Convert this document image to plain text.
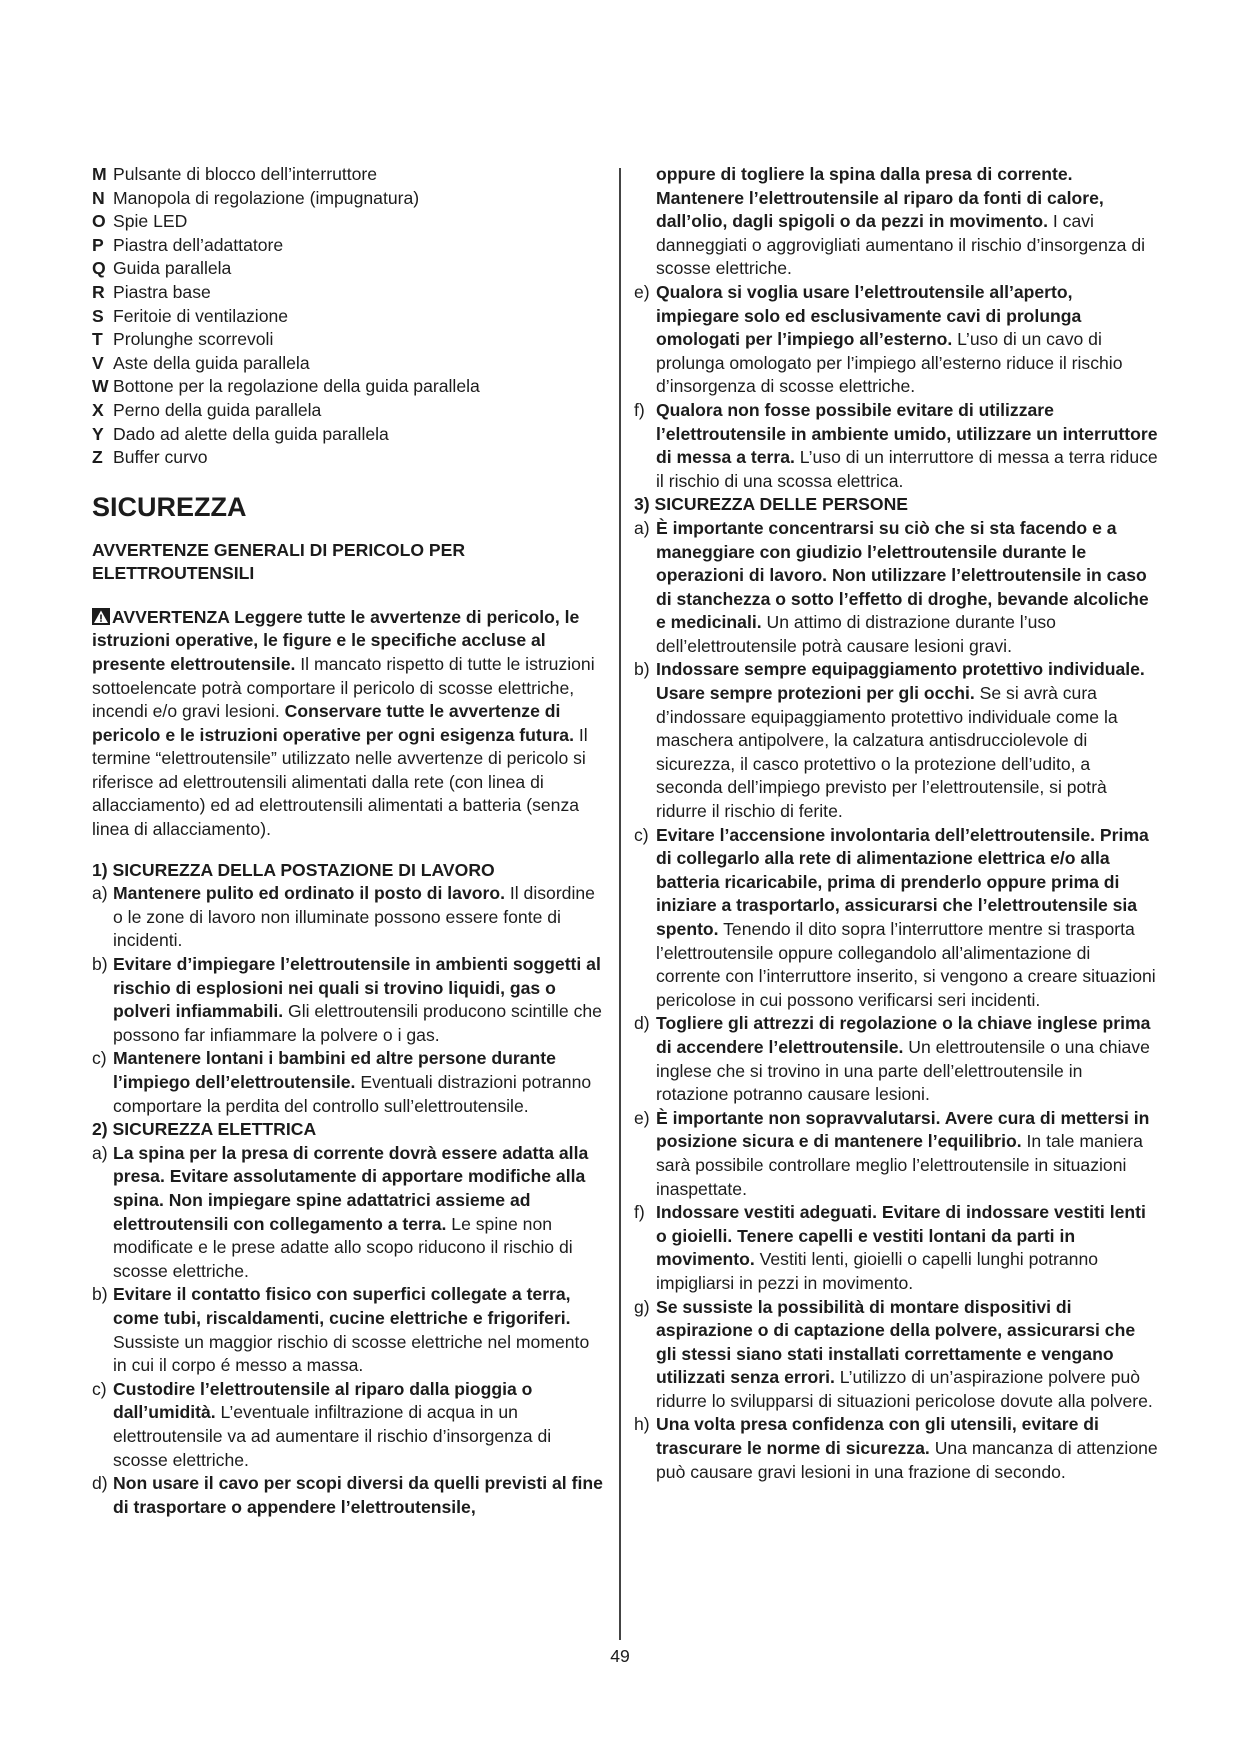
M Pulsante di blocco dell’interruttore
N Manopola di regolazione (impugnatura)
O Spie LED
P Piastra dell’adattatore
Q Guida parallela
R Piastra base
S Feritoie di ventilazione
T Prolunghe scorrevoli
V Aste della guida parallela
W Bottone per la regolazione della guida parallela
X Perno della guida parallela
Y Dado ad alette della guida parallela
Z Buffer curvo
SICUREZZA
AVVERTENZE GENERALI DI PERICOLO PER ELETTROUTENSILI
AVVERTENZA Leggere tutte le avvertenze di pericolo, le istruzioni operative, le figure e le specifiche accluse al presente elettroutensile. Il mancato rispetto di tutte le istruzioni sottoelencate potrà comportare il pericolo di scosse elettriche, incendi e/o gravi lesioni. Conservare tutte le avvertenze di pericolo e le istruzioni operative per ogni esigenza futura. Il termine “elettroutensile” utilizzato nelle avvertenze di pericolo si riferisce ad elettroutensili alimentati dalla rete (con linea di allacciamento) ed ad elettroutensili alimentati a batteria (senza linea di allacciamento).
1) SICUREZZA DELLA POSTAZIONE DI LAVORO
a) Mantenere pulito ed ordinato il posto di lavoro. Il disordine o le zone di lavoro non illuminate possono essere fonte di incidenti.
b) Evitare d’impiegare l’elettroutensile in ambienti soggetti al rischio di esplosioni nei quali si trovino liquidi, gas o polveri infiammabili. Gli elettroutensili producono scintille che possono far infiammare la polvere o i gas.
c) Mantenere lontani i bambini ed altre persone durante l’impiego dell’elettroutensile. Eventuali distrazioni potranno comportare la perdita del controllo sull’elettroutensile.
2) SICUREZZA ELETTRICA
a) La spina per la presa di corrente dovrà essere adatta alla presa. Evitare assolutamente di apportare modifiche alla spina. Non impiegare spine adattatrici assieme ad elettroutensili con collegamento a terra. Le spine non modificate e le prese adatte allo scopo riducono il rischio di scosse elettriche.
b) Evitare il contatto fisico con superfici collegate a terra, come tubi, riscaldamenti, cucine elettriche e frigoriferi. Sussiste un maggior rischio di scosse elettriche nel momento in cui il corpo é messo a massa.
c) Custodire l’elettroutensile al riparo dalla pioggia o dall’umidità. L’eventuale infiltrazione di acqua in un elettroutensile va ad aumentare il rischio d’insorgenza di scosse elettriche.
d) Non usare il cavo per scopi diversi da quelli previsti al fine di trasportare o appendere l’elettroutensile,
oppure di togliere la spina dalla presa di corrente. Mantenere l’elettroutensile al riparo da fonti di calore, dall’olio, dagli spigoli o da pezzi in movimento. I cavi danneggiati o aggrovigliati aumentano il rischio d’insorgenza di scosse elettriche.
e) Qualora si voglia usare l’elettroutensile all’aperto, impiegare solo ed esclusivamente cavi di prolunga omologati per l’impiego all’esterno. L’uso di un cavo di prolunga omologato per l’impiego all’esterno riduce il rischio d’insorgenza di scosse elettriche.
f) Qualora non fosse possibile evitare di utilizzare l’elettroutensile in ambiente umido, utilizzare un interruttore di messa a terra. L’uso di un interruttore di messa a terra riduce il rischio di una scossa elettrica.
3) SICUREZZA DELLE PERSONE
a) È importante concentrarsi su ciò che si sta facendo e a maneggiare con giudizio l’elettroutensile durante le operazioni di lavoro. Non utilizzare l’elettroutensile in caso di stanchezza o sotto l’effetto di droghe, bevande alcoliche e medicinali. Un attimo di distrazione durante l’uso dell’elettroutensile potrà causare lesioni gravi.
b) Indossare sempre equipaggiamento protettivo individuale. Usare sempre protezioni per gli occhi. Se si avrà cura d’indossare equipaggiamento protettivo individuale come la maschera antipolvere, la calzatura antisdrucciolevole di sicurezza, il casco protettivo o la protezione dell’udito, a seconda dell’impiego previsto per l’elettroutensile, si potrà ridurre il rischio di ferite.
c) Evitare l’accensione involontaria dell’elettroutensile. Prima di collegarlo alla rete di alimentazione elettrica e/o alla batteria ricaricabile, prima di prenderlo oppure prima di iniziare a trasportarlo, assicurarsi che l’elettroutensile sia spento. Tenendo il dito sopra l’interruttore mentre si trasporta l’elettroutensile oppure collegandolo all’alimentazione di corrente con l’interruttore inserito, si vengono a creare situazioni pericolose in cui possono verificarsi seri incidenti.
d) Togliere gli attrezzi di regolazione o la chiave inglese prima di accendere l’elettroutensile. Un elettroutensile o una chiave inglese che si trovino in una parte dell’elettroutensile in rotazione potranno causare lesioni.
e) È importante non sopravvalutarsi. Avere cura di mettersi in posizione sicura e di mantenere l’equilibrio. In tale maniera sarà possibile controllare meglio l’elettroutensile in situazioni inaspettate.
f) Indossare vestiti adeguati. Evitare di indossare vestiti lenti o gioielli. Tenere capelli e vestiti lontani da parti in movimento. Vestiti lenti, gioielli o capelli lunghi potranno impigliarsi in pezzi in movimento.
g) Se sussiste la possibilità di montare dispositivi di aspirazione o di captazione della polvere, assicurarsi che gli stessi siano stati installati correttamente e vengano utilizzati senza errori. L’utilizzo di un’aspirazione polvere può ridurre lo svilupparsi di situazioni pericolose dovute alla polvere.
h) Una volta presa confidenza con gli utensili, evitare di trascurare le norme di sicurezza. Una mancanza di attenzione può causare gravi lesioni in una frazione di secondo.
49
